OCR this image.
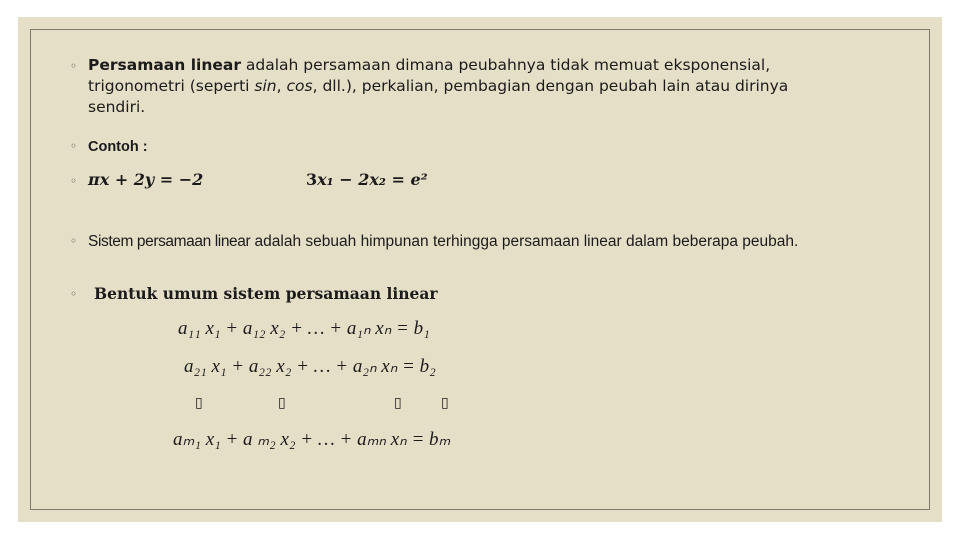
◦ Persamaan linear adalah persamaan dimana peubahnya tidak memuat eksponensial, trigonometri (seperti sin, cos, dll.), perkalian, pembagian dengan peubah lain atau dirinya sendiri.
◦ Contoh :
◦ πx + 2y = −2	3x₁ − 2x₂ = e²
◦ Sistem persamaan linear adalah sebuah himpunan terhingga persamaan linear dalam beberapa peubah.
◦ Bentuk umum sistem persamaan linear
a₁₁ x₁ + a₁₂ x₂ + … + a₁ₙ xₙ = b₁
a₂₁ x₁ + a₂₂ x₂ + … + a₂ₙ xₙ = b₂
▯	▯	▯	▯
aₘ₁ x₁ + a ₘ₂ x₂ + … + aₘₙ xₙ = bₘ
